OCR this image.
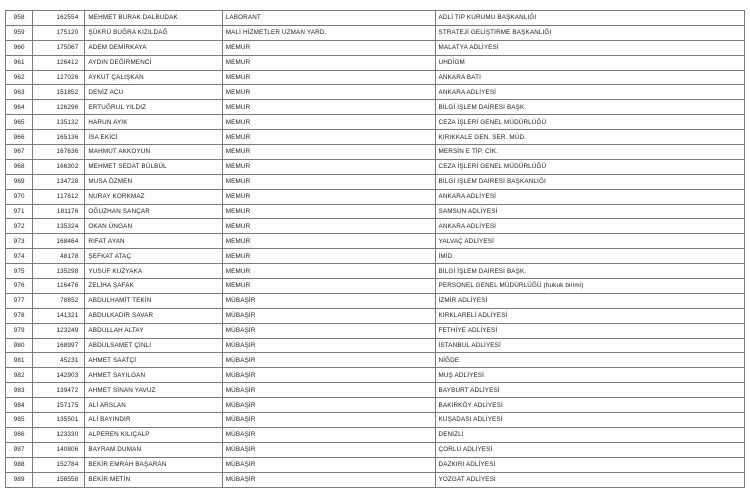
958	162554	MEHMET BURAK DALBUDAK	LABORANT	ADLİ TIP KURUMU BAŞKANLIĞI
959	175120	ŞÜKRÜ BUĞRA KIZILDAĞ	MALİ HİZMETLER UZMAN YARD.	STRATEJİ GELİŞTİRME BAŞKANLIĞI
960	175067	ADEM DEMİRKAYA	MEMUR	MALATYA ADLİYESİ
961	126412	AYDIN DEĞİRMENCİ	MEMUR	UHDİGM
962	127026	AYKUT ÇALIŞKAN	MEMUR	ANKARA BATI
963	151852	DENİZ ACU	MEMUR	ANKARA ADLİYESİ
964	126296	ERTUĞRUL YILDIZ	MEMUR	BİLGİ İŞLEM DAİRESİ BAŞK.
965	135132	HARUN AYIK	MEMUR	CEZA İŞLERİ GENEL MÜDÜRLÜĞÜ
966	165136	İSA EKİCİ	MEMUR	KIRIKKALE GEN. SER. MÜD.
967	167636	MAHMUT AKKOYUN	MEMUR	MERSİN E TİP. CİK.
968	166302	MEHMET SEDAT BÜLBÜL	MEMUR	CEZA İŞLERİ GENEL MÜDÜRLÜĞÜ
969	134728	MUSA ÖZMEN	MEMUR	BİLGİ İŞLEM DAİRESİ BAŞKANLIĞI
970	117612	NURAY KORKMAZ	MEMUR	ANKARA ADLİYESİ
971	181176	OĞUZHAN SANÇAR	MEMUR	SAMSUN ADLİYESİ
972	135324	OKAN ÜNGAN	MEMUR	ANKARA ADLİYESİ
973	168464	RIFAT AYAN	MEMUR	YALVAÇ ADLİYESİ
974	48178	ŞEFKAT ATAÇ	MEMUR	İMİD
975	135298	YUSUF KUZYAKA	MEMUR	BİLGİ İŞLEM DAİRESİ BAŞK.
976	116476	ZELİHA ŞAFAK	MEMUR	PERSONEL GENEL MÜDÜRLÜĞÜ (hukuk birimi)
977	78852	ABDULHAMİT TEKİN	MÜBAŞİR	İZMİR ADLİYESİ
978	141321	ABDULKADİR SAVAR	MÜBAŞİR	KIRKLARELİ ADLİYESİ
979	123249	ABDULLAH ALTAY	MÜBAŞİR	FETHİYE ADLİYESİ
980	168997	ABDULSAMET ÇİNLİ	MÜBAŞİR	İSTANBUL ADLİYESİ
981	45231	AHMET SAATÇİ	MÜBAŞİR	NİĞDE
982	142903	AHMET SAYILGAN	MÜBAŞİR	MUŞ ADLİYESİ
983	139472	AHMET SİNAN YAVUZ	MÜBAŞİR	BAYBURT ADLİYESİ
984	157175	ALİ ARSLAN	MÜBAŞİR	BAKIRKÖY ADLİYESİ
985	135501	ALİ BAYINDIR	MÜBAŞİR	KUŞADASI ADLİYESİ
986	123330	ALPEREN KILIÇALP	MÜBAŞİR	DENİZLİ
987	140806	BAYRAM DUMAN	MÜBAŞİR	ÇORLU ADLİYESİ
988	152784	BEKİR EMRAH BAŞARAN	MÜBAŞİR	DAZKIRI ADLİYESİ
989	158558	BEKİR METİN	MÜBAŞİR	YOZGAT ADLİYESİ
